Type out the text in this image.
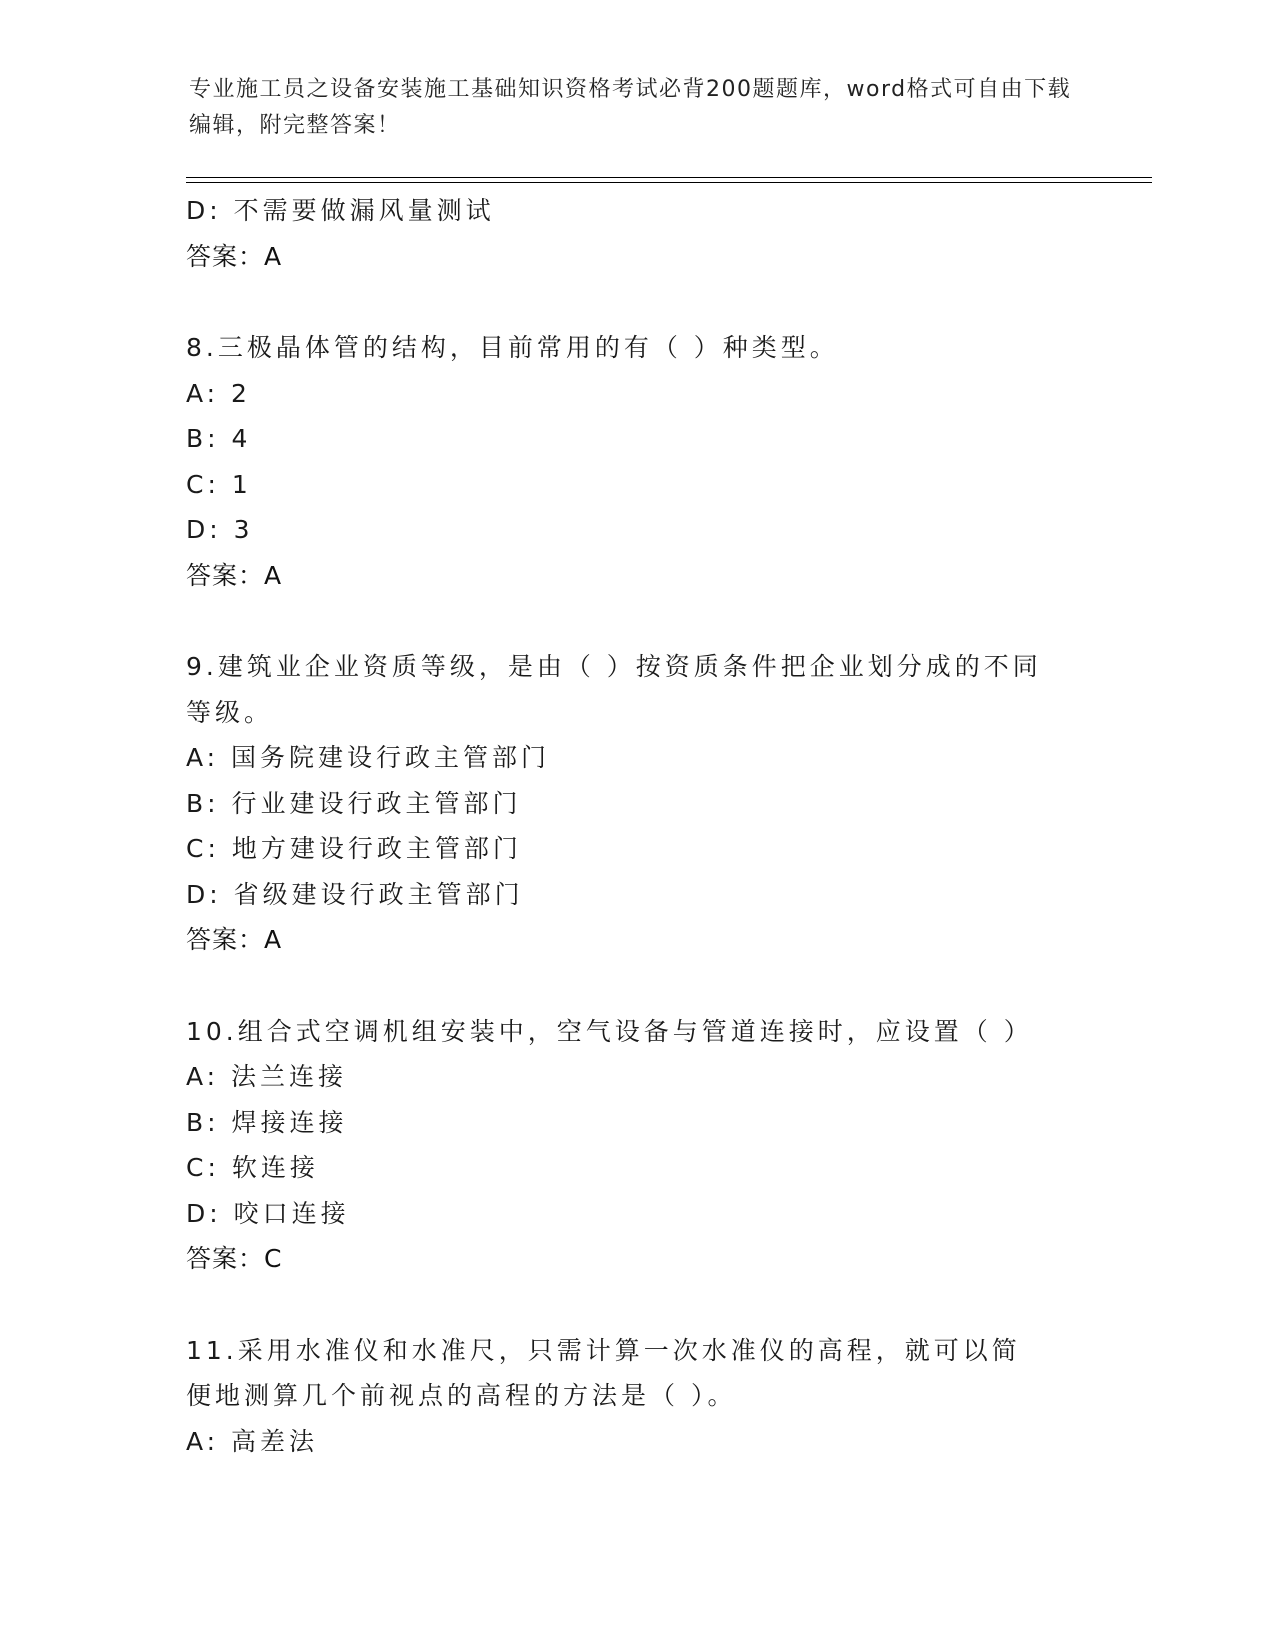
专业施工员之设备安装施工基础知识资格考试必背200题题库，word格式可自由下载编辑，附完整答案！
D: 不需要做漏风量测试
答案：A
8.三极晶体管的结构，目前常用的有（ ）种类型。
A: 2
B: 4
C: 1
D: 3
答案：A
9.建筑业企业资质等级，是由（ ）按资质条件把企业划分成的不同等级。
A: 国务院建设行政主管部门
B: 行业建设行政主管部门
C: 地方建设行政主管部门
D: 省级建设行政主管部门
答案：A
10.组合式空调机组安装中，空气设备与管道连接时，应设置（ ）
A: 法兰连接
B: 焊接连接
C: 软连接
D: 咬口连接
答案：C
11.采用水准仪和水准尺，只需计算一次水准仪的高程，就可以简便地测算几个前视点的高程的方法是（ ）。
A: 高差法
